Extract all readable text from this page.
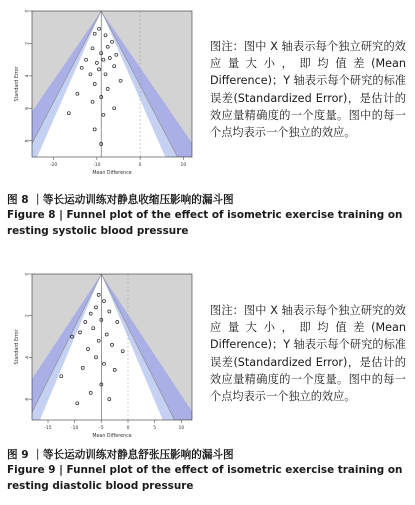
-20	-10	0	10
0
2
4
6
8
Mean Difference
Standard Error
图注：图中 X 轴表示每个独立研究的效应量大小，即均值差(Mean Difference)；Y 轴表示每个研究的标准误差(Standardized Error)，是估计的效应量精确度的一个度量。图中的每一个点均表示一个独立的效应。
图 8 ｜等长运动训练对静息收缩压影响的漏斗图
Figure 8 | Funnel plot of the effect of isometric exercise training on resting systolic blood pressure
-15	-10	-5	0	5	10
0
2
4
6
Mean Difference
Standard Error
图注：图中 X 轴表示每个独立研究的效应量大小，即均值差(Mean Difference)；Y 轴表示每个研究的标准误差(Standardized Error)，是估计的效应量精确度的一个度量。图中的每一个点均表示一个独立的效应。
图 9 ｜等长运动训练对静息舒张压影响的漏斗图
Figure 9 | Funnel plot of the effect of isometric exercise training on resting diastolic blood pressure
